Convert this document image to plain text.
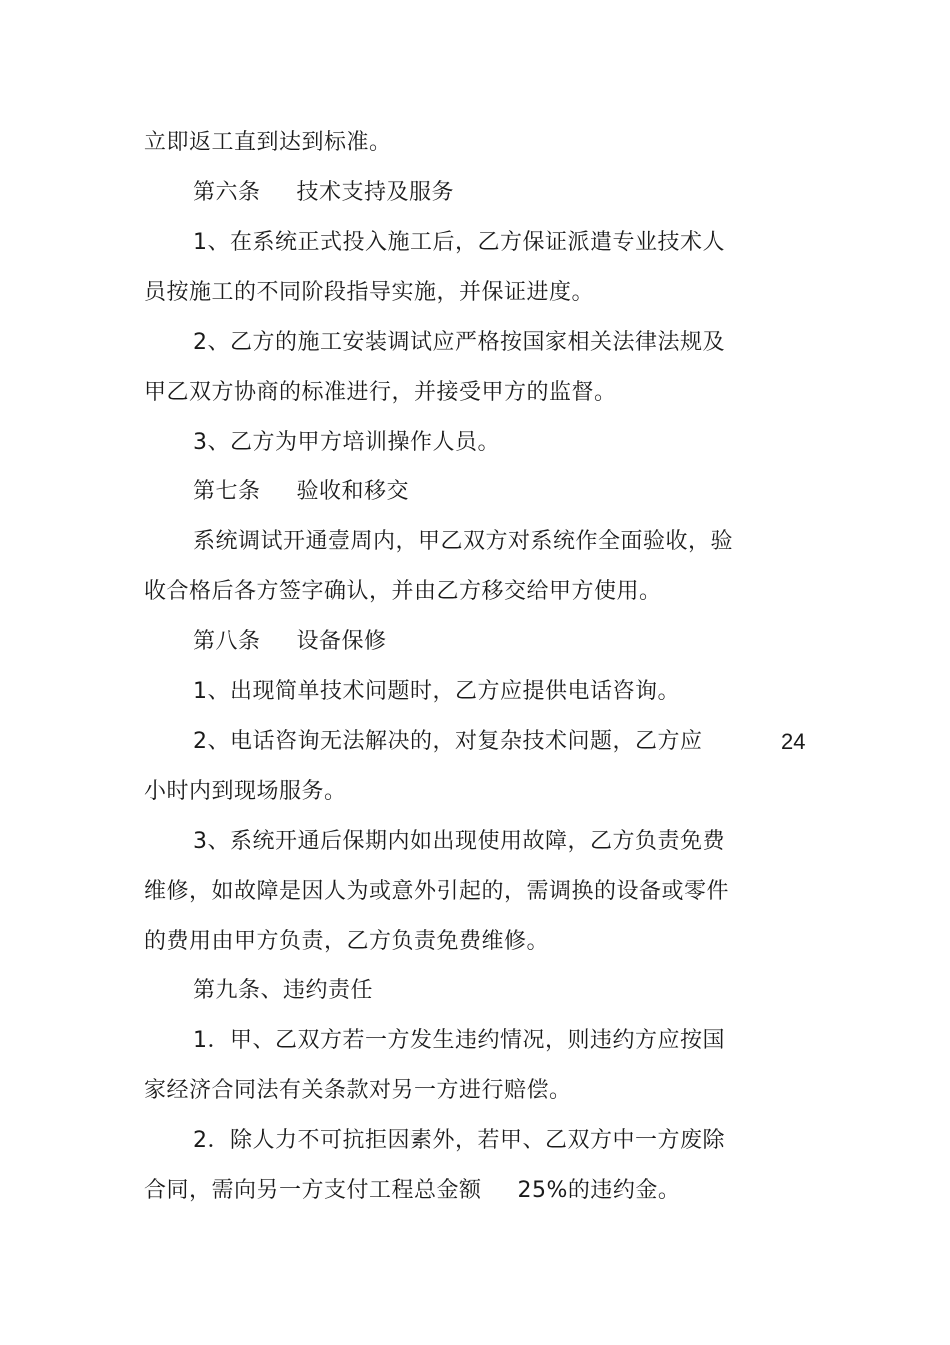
立即返工直到达到标准。
第六条 技术支持及服务
1、在系统正式投入施工后，乙方保证派遣专业技术人
员按施工的不同阶段指导实施，并保证进度。
2、乙方的施工安装调试应严格按国家相关法律法规及
甲乙双方协商的标准进行，并接受甲方的监督。
3、乙方为甲方培训操作人员。
第七条 验收和移交
系统调试开通壹周内，甲乙双方对系统作全面验收，验
收合格后各方签字确认，并由乙方移交给甲方使用。
第八条 设备保修
1、出现简单技术问题时，乙方应提供电话咨询。
2、电话咨询无法解决的，对复杂技术问题，乙方应	24
小时内到现场服务。
3、系统开通后保期内如出现使用故障，乙方负责免费
维修，如故障是因人为或意外引起的，需调换的设备或零件
的费用由甲方负责，乙方负责免费维修。
第九条、违约责任
1．甲、乙双方若一方发生违约情况，则违约方应按国
家经济合同法有关条款对另一方进行赔偿。
2．除人力不可抗拒因素外，若甲、乙双方中一方废除
合同，需向另一方支付工程总金额 25%的违约金。
